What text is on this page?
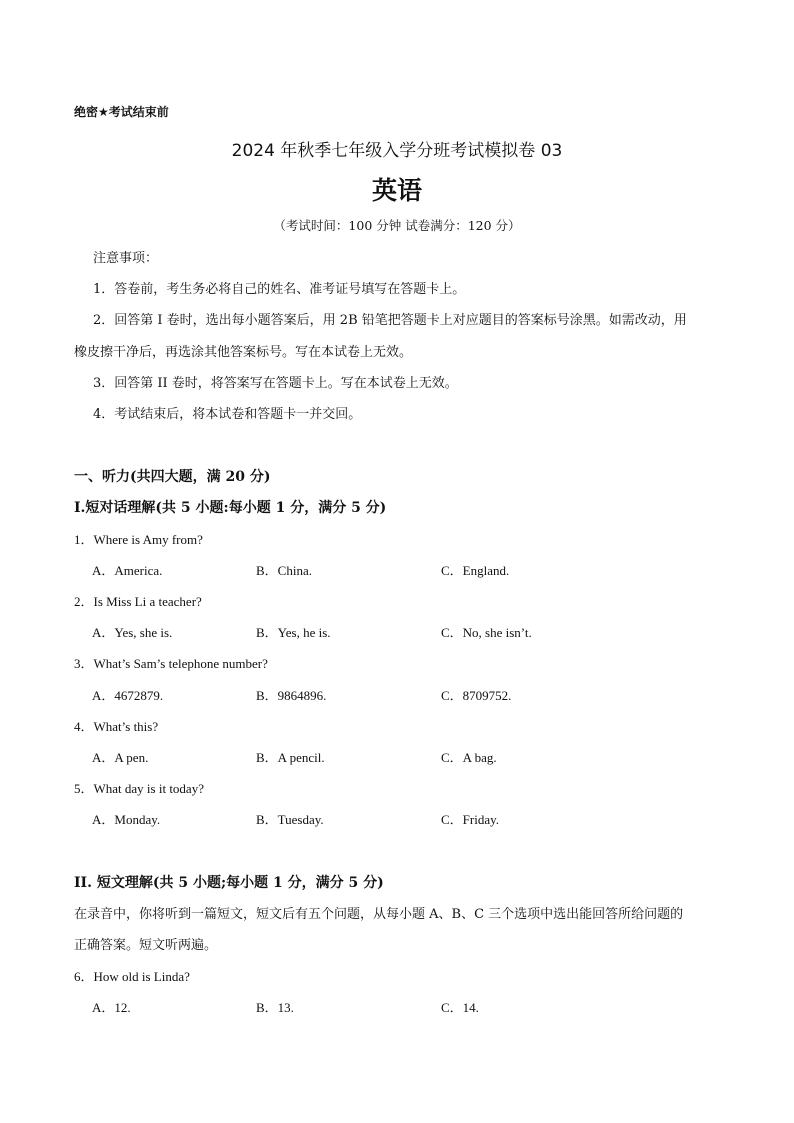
绝密★考试结束前
2024 年秋季七年级入学分班考试模拟卷 03
英语
（考试时间：100 分钟 试卷满分：120 分）
注意事项：
1．答卷前，考生务必将自己的姓名、准考证号填写在答题卡上。
2．回答第 I 卷时，选出每小题答案后，用 2B 铅笔把答题卡上对应题目的答案标号涂黑。如需改动，用
橡皮擦干净后，再选涂其他答案标号。写在本试卷上无效。
3．回答第 II 卷时，将答案写在答题卡上。写在本试卷上无效。
4．考试结束后，将本试卷和答题卡一并交回。
一、听力(共四大题，满 20 分)
Ⅰ.短对话理解(共 5 小题:每小题 1 分，满分 5 分)
1．Where is Amy from?
A．America.	B．China.	C．England.
2．Is Miss Li a teacher?
A．Yes, she is.	B．Yes, he is.	C．No, she isn’t.
3．What’s Sam’s telephone number?
A．4672879.	B．9864896.	C．8709752.
4．What’s this?
A．A pen.	B．A pencil.	C．A bag.
5．What day is it today?
A．Monday.	B．Tuesday.	C．Friday.
II. 短文理解(共 5 小题;每小题 1 分，满分 5 分)
在录音中，你将听到一篇短文，短文后有五个问题，从每小题 A、B、C 三个选项中选出能回答所给问题的
正确答案。短文听两遍。
6．How old is Linda?
A．12.	B．13.	C．14.
